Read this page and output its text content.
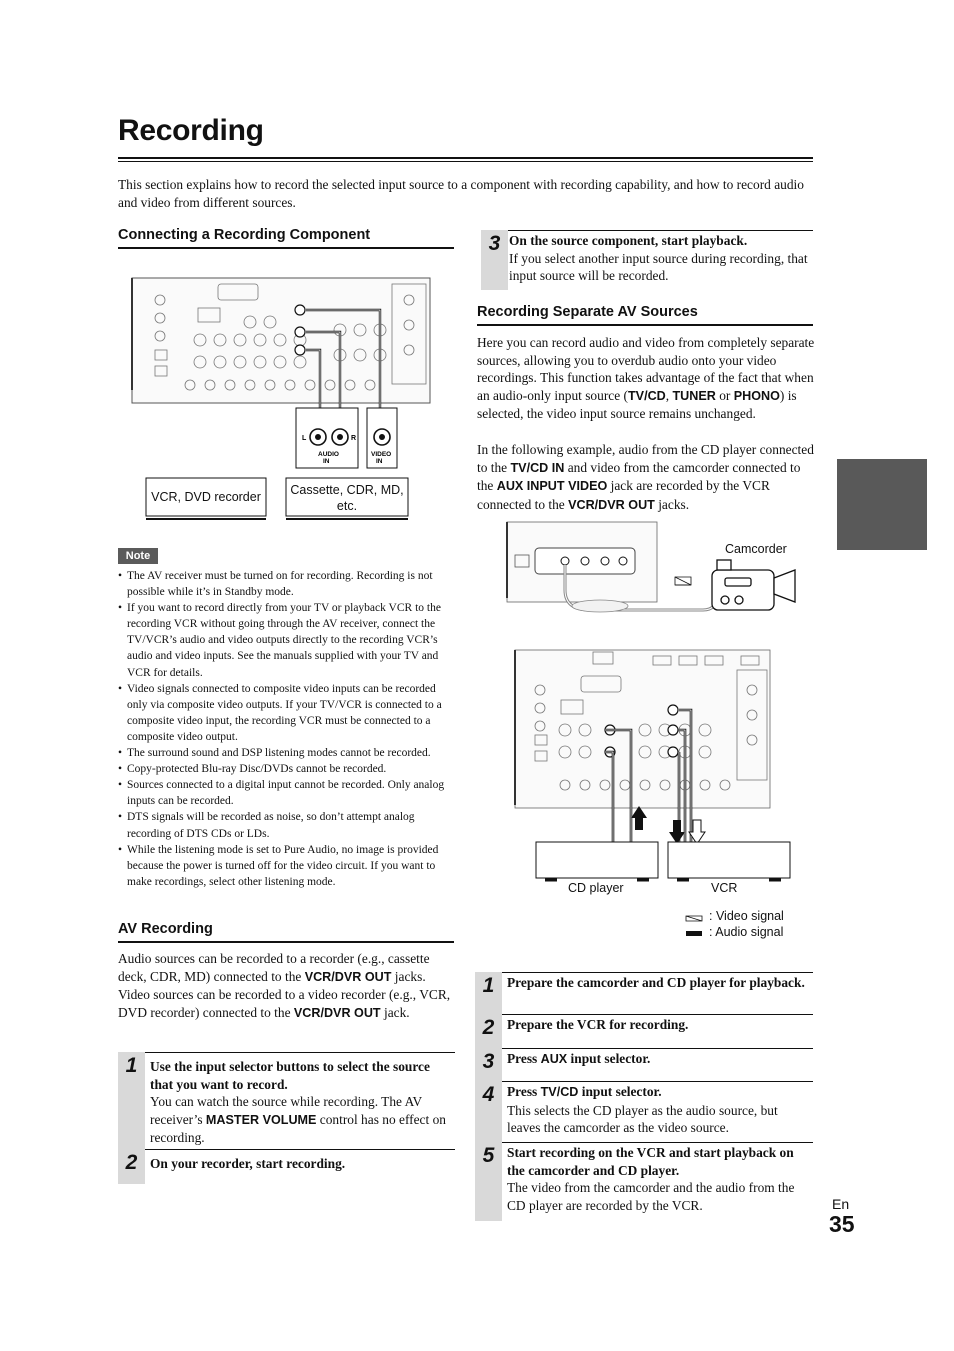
Recording
This section explains how to record the selected input source to a component with recording capability, and how to record audio and video from different sources.
Connecting a Recording Component
L	R
AUDIO IN
VIDEO IN
VCR, DVD recorder	Cassette, CDR, MD, etc.
Note
• The AV receiver must be turned on for recording. Recording is not possible while it’s in Standby mode.
• If you want to record directly from your TV or playback VCR to the recording VCR without going through the AV receiver, connect the TV/VCR’s audio and video outputs directly to the recording VCR’s audio and video inputs. See the manuals supplied with your TV and VCR for details.
• Video signals connected to composite video inputs can be recorded only via composite video outputs. If your TV/VCR is connected to a composite video input, the recording VCR must be connected to a composite video output.
• The surround sound and DSP listening modes cannot be recorded.
• Copy-protected Blu-ray Disc/DVDs cannot be recorded.
• Sources connected to a digital input cannot be recorded. Only analog inputs can be recorded.
• DTS signals will be recorded as noise, so don’t attempt analog recording of DTS CDs or LDs.
• While the listening mode is set to Pure Audio, no image is provided because the power is turned off for the video circuit. If you want to make recordings, select other listening mode.
AV Recording

Audio sources can be recorded to a recorder (e.g., cassette deck, CDR, MD) connected to the VCR/DVR OUT jacks. Video sources can be recorded to a video recorder (e.g., VCR, DVD recorder) connected to the VCR/DVR OUT jack.

1 Use the input selector buttons to select the source that you want to record.
You can watch the source while recording. The AV receiver’s MASTER VOLUME control has no effect on recording.
2 On your recorder, start recording.
3 On the source component, start playback.
If you select another input source during recording, that input source will be recorded.
Recording Separate AV Sources

Here you can record audio and video from completely separate sources, allowing you to overdub audio onto your video recordings. This function takes advantage of the fact that when an audio-only input source (TV/CD, TUNER or PHONO) is selected, the video input source remains unchanged.

In the following example, audio from the CD player connected to the TV/CD IN and video from the camcorder connected to the AUX INPUT VIDEO jack are recorded by the VCR connected to the VCR/DVR OUT jacks.

Camcorder
CD player	VCR
: Video signal
: Audio signal
1 Prepare the camcorder and CD player for playback.
2 Prepare the VCR for recording.
3 Press AUX input selector.
4 Press TV/CD input selector.
This selects the CD player as the audio source, but leaves the camcorder as the video source.
5 Start recording on the VCR and start playback on the camcorder and CD player.
The video from the camcorder and the audio from the CD player are recorded by the VCR.	En
35
